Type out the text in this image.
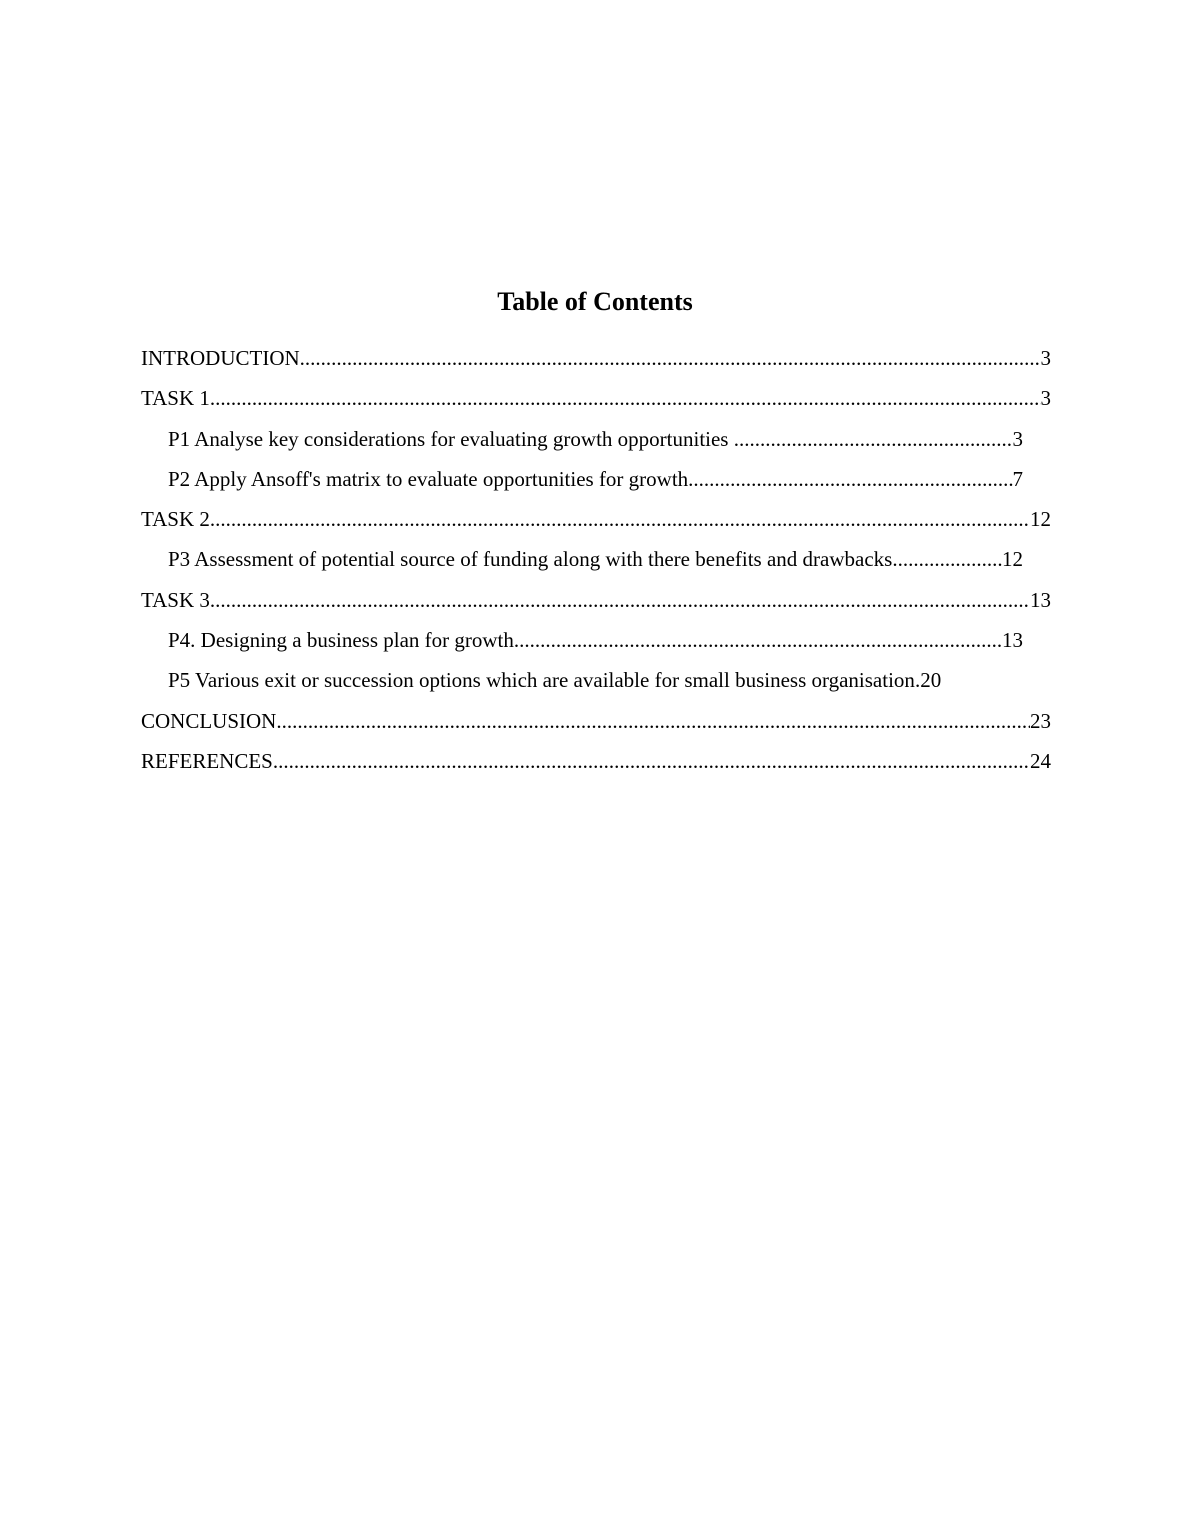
Table of Contents
INTRODUCTION .....	3
TASK 1 .....	3
P1 Analyse key considerations for evaluating growth opportunities .....	3
P2 Apply Ansoff's matrix to evaluate opportunities for growth .....	7
TASK 2 .....	12
P3 Assessment of potential source of funding along with there benefits and drawbacks .....	12
TASK 3 .....	13
P4. Designing a business plan for growth .....	13
P5 Various exit or succession options which are available for small business organisation . 20
CONCLUSION .....	23
REFERENCES .....	24
